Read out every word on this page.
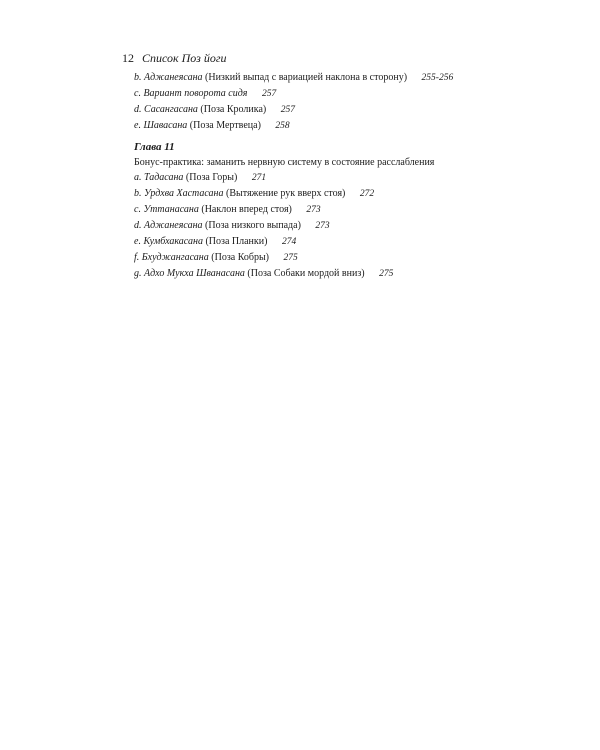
12 Список Поз йоги
b. Аджанеясана (Низкий выпад с вариацией наклона в сторону) 255-256
c. Вариант поворота сидя 257
d. Сасангасана (Поза Кролика) 257
e. Шавасана (Поза Мертвеца) 258
Глава 11
Бонус-практика: заманить нервную систему в состояние расслабления
a. Тадасана (Поза Горы) 271
b. Урдхва Хастасана (Вытяжение рук вверх стоя) 272
c. Уттанасана (Наклон вперед стоя) 273
d. Аджанеясана (Поза низкого выпада) 273
e. Кумбхакасана (Поза Планки) 274
f. Бхуджангасана (Поза Кобры) 275
g. Адхо Мукха Шванасана (Поза Собаки мордой вниз) 275
